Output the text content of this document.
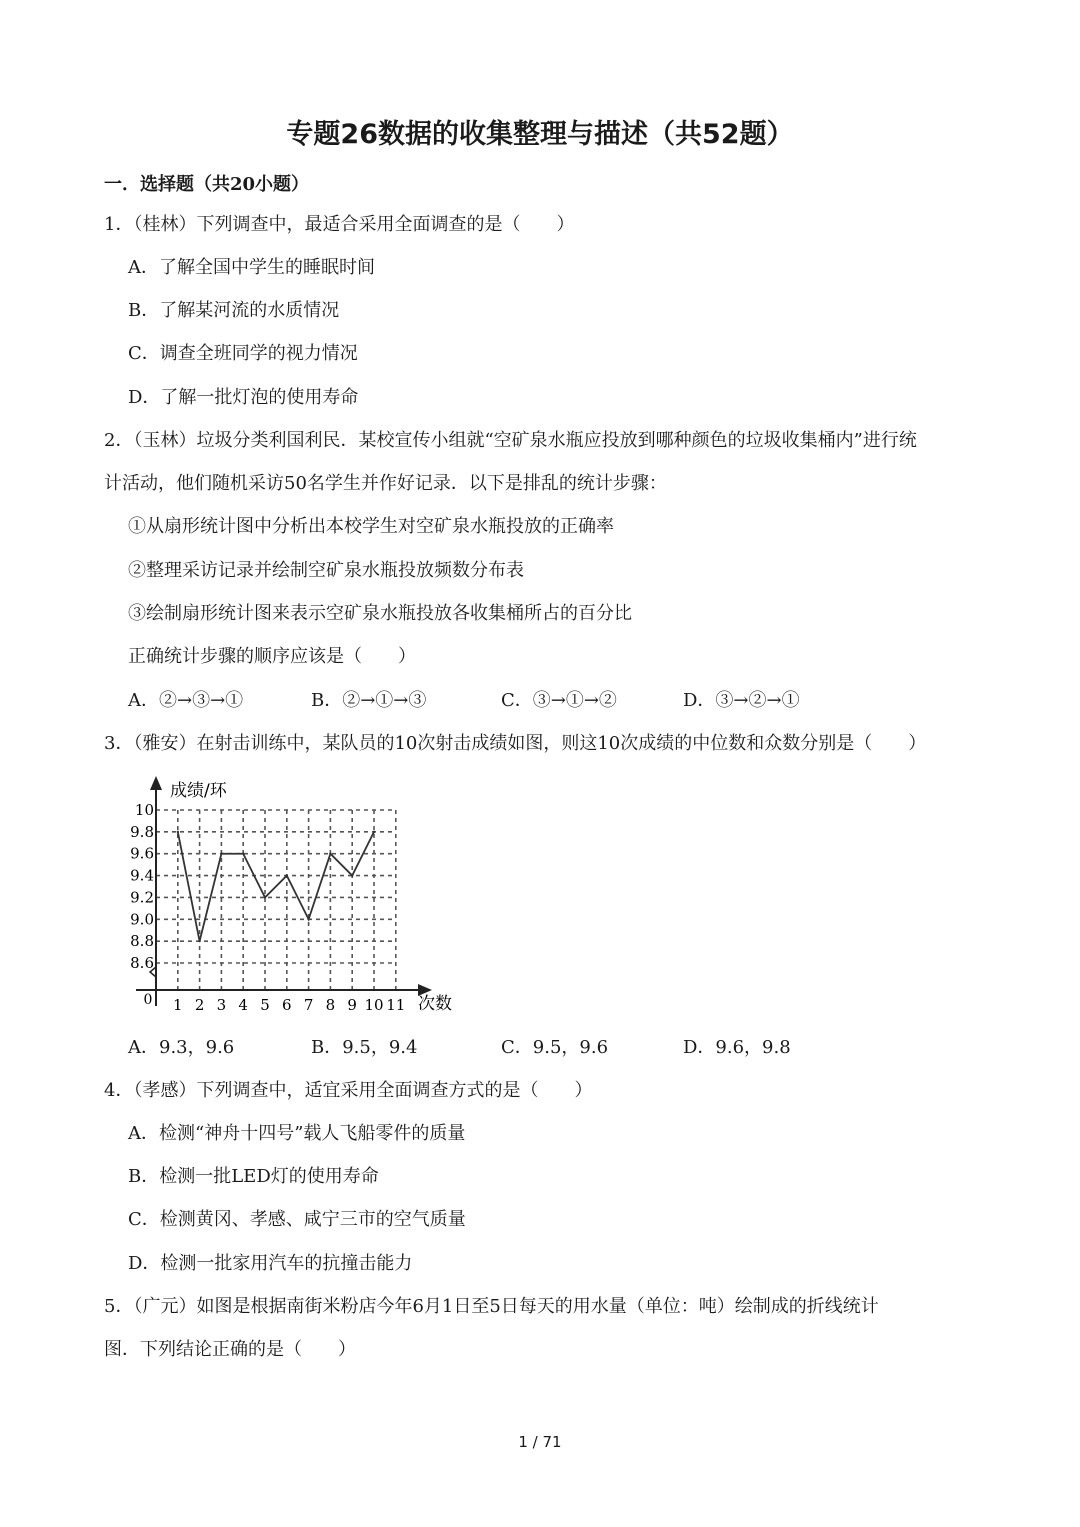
专题26数据的收集整理与描述（共52题）
一．选择题（共20小题）
1．（桂林）下列调查中，最适合采用全面调查的是（　　）
A．了解全国中学生的睡眠时间
B．了解某河流的水质情况
C．调查全班同学的视力情况
D．了解一批灯泡的使用寿命
2．（玉林）垃圾分类利国利民．某校宣传小组就“空矿泉水瓶应投放到哪种颜色的垃圾收集桶内”进行统
计活动，他们随机采访50名学生并作好记录．以下是排乱的统计步骤：
①从扇形统计图中分析出本校学生对空矿泉水瓶投放的正确率
②整理采访记录并绘制空矿泉水瓶投放频数分布表
③绘制扇形统计图来表示空矿泉水瓶投放各收集桶所占的百分比
正确统计步骤的顺序应该是（　　）
A．②→③→①	B．②→①→③	C．③→①→②	D．③→②→①
3．（雅安）在射击训练中，某队员的10次射击成绩如图，则这10次成绩的中位数和众数分别是（　　）
8.6
8.8
9.0
9.2
9.4
9.6
9.8
10
1 2 3 4 5 6 7 8 9 10 11
成绩/环
次数
0
A．9.3，9.6	B．9.5，9.4	C．9.5，9.6	D．9.6，9.8
4．（孝感）下列调查中，适宜采用全面调查方式的是（　　）
A．检测“神舟十四号”载人飞船零件的质量
B．检测一批LED灯的使用寿命
C．检测黄冈、孝感、咸宁三市的空气质量
D．检测一批家用汽车的抗撞击能力
5．（广元）如图是根据南街米粉店今年6月1日至5日每天的用水量（单位：吨）绘制成的折线统计
图．下列结论正确的是（　　）
1 / 71
